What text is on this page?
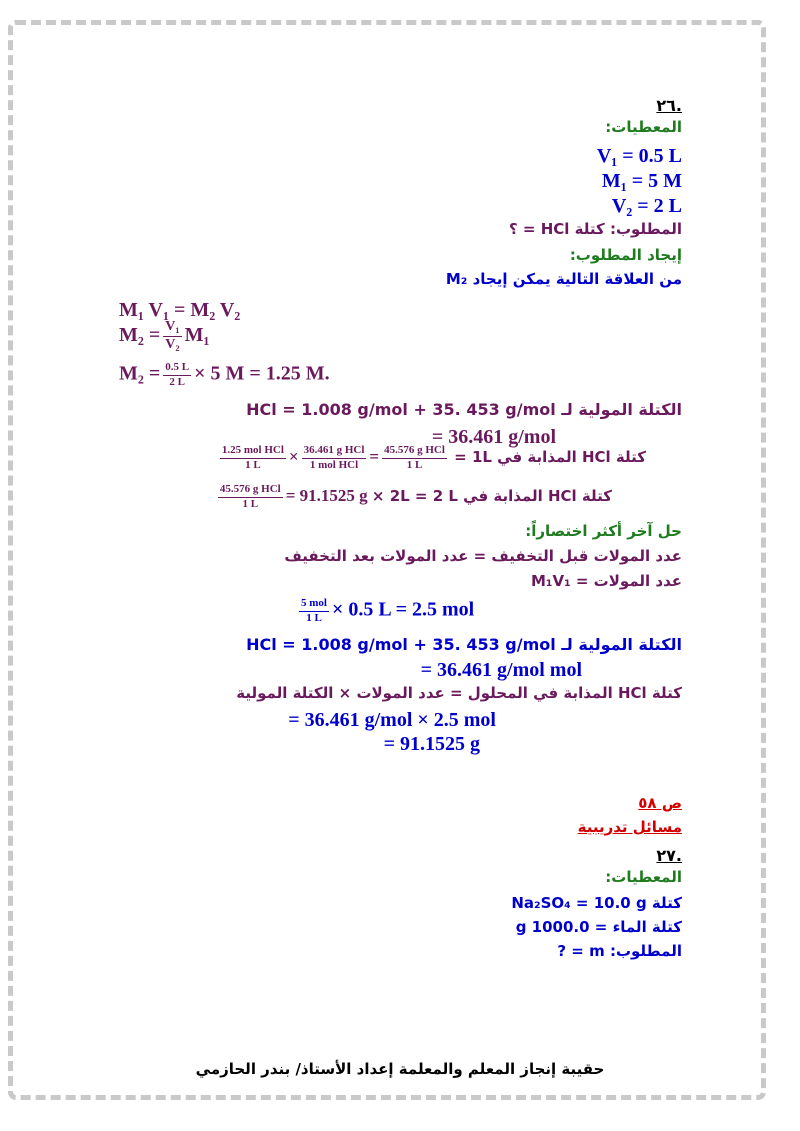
٢٦.
المعطيات:
V₁ = 0.5 L
M₁ = 5 M
V₂ = 2 L
المطلوب: كتلة HCl = ؟
إيجاد المطلوب:
من العلاقة التالية يمكن إيجاد M₂
M₁ V₁ = M₂ V₂
$M_2 = \frac{\text{V₁}}{\text{V₂}} M_1$
$M_2 = \frac{0.5 L}{2 L} \times 5$ M = 1.25 M.
الكتلة المولية لـ HCl = 1.008 g/mol + 35. 453 g/mol
= 36.461 g/mol
كتلة HCl المذابة في 1L =
$\frac{\text{1.25 mol HCl}}{1 L} \times \frac{\text{36.461 g HCl}}{\text{1 mol HCl}} = \frac{\text{45.576 g HCl}}{1 L}$
كتلة HCl المذابة في 2L = 2 L ×
$\frac{\text{45.576 g HCl}}{1 L} = 91.1525$ g
حل آخر أكثر اختصاراً:
عدد المولات قبل التخفيف = عدد المولات بعد التخفيف
عدد المولات = M₁V₁
$\frac{\text{5 mol}}{1 L} \times 0.5$ L = 2.5 mol
الكتلة المولية لـ HCl = 1.008 g/mol + 35. 453 g/mol
= 36.461 g/mol mol
كتلة HCl المذابة في المحلول = عدد المولات × الكتلة المولية
= 36.461 g/mol × 2.5 mol
= 91.1525 g
ص ٥٨
مسائل تدريبية
٢٧.
المعطيات:
كتلة Na₂SO₄ = 10.0 g
كتلة الماء = 1000.0 g
المطلوب: m = ?
حقيبة إنجاز المعلم والمعلمة إعداد الأستاذ/ بندر الحازمي
